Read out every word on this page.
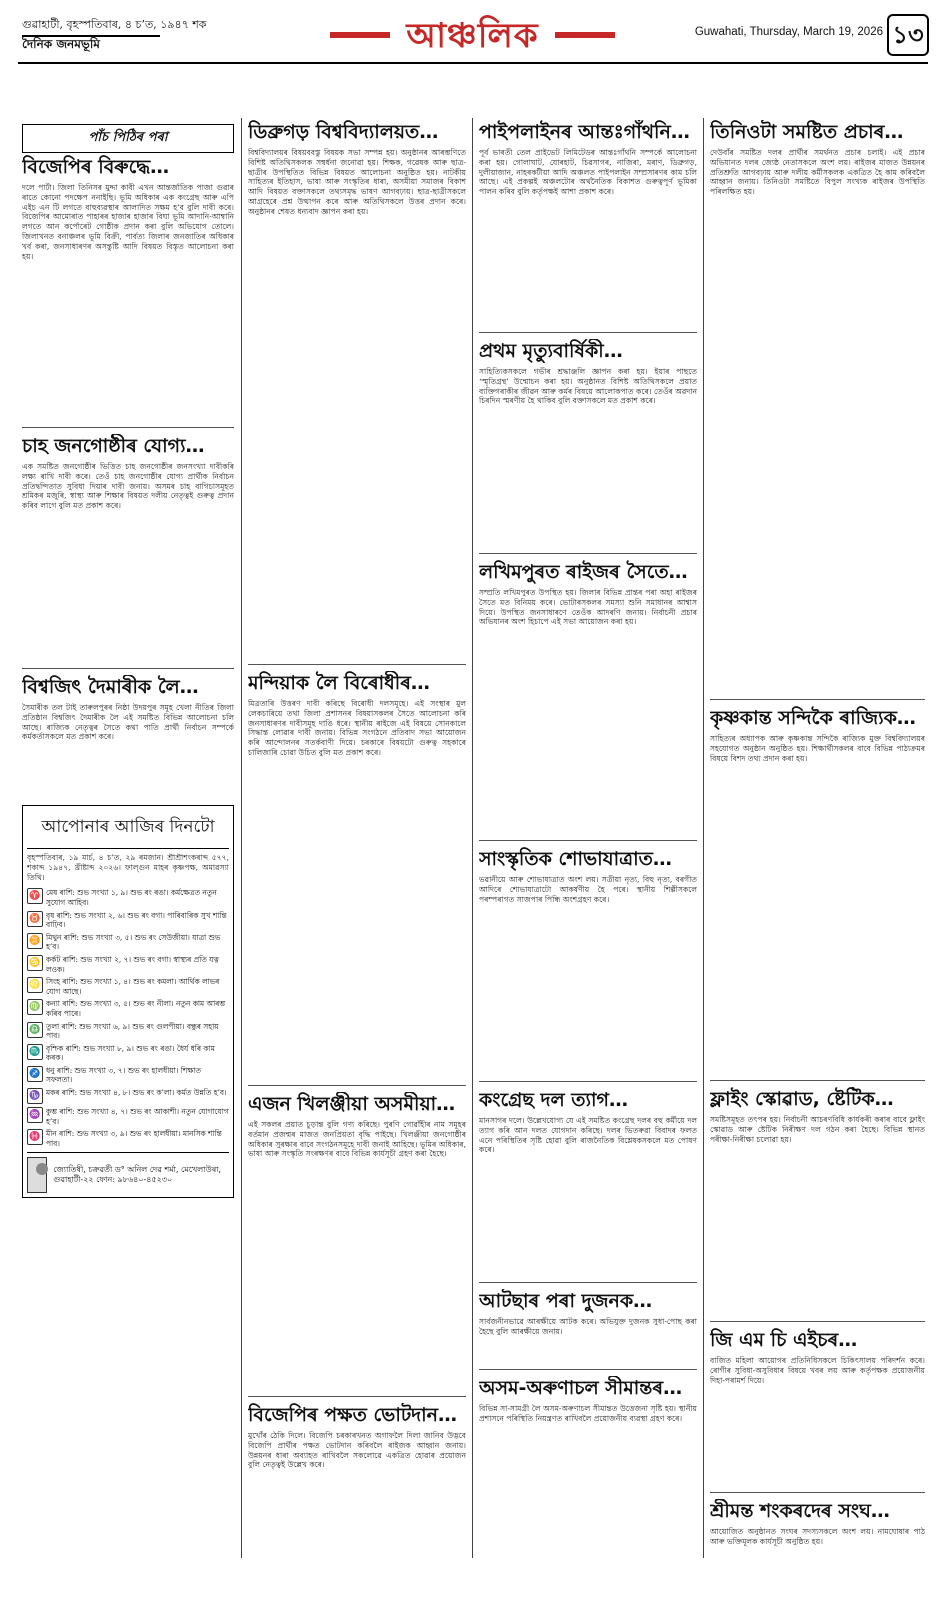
গুৱাহাটী, বৃহস্পতিবাৰ, ৪ চ’ত, ১৯৪৭ শক
দৈনিক জনমভূমি	আঞ্চলিক	Guwahati, Thursday, March 19, 2026 ১৩
পাঁচ পিঠিৰ পৰা
বিজেপিৰ বিৰুদ্ধে…
দলে পাৰ্টা। জিলা তিনিসৰ মুদ্দা কাবী এখন আন্তৰ্জাতিক পাজা গুৱাৰ ৰাতে কোনো পদক্ষেপ ননাইছি। ভূমি অধিকাৰ এক কংগ্ৰেছ আৰু এপি এইচ এন টি লগতে বাহুব্যৱস্থাৰ আলাদিত সক্ষম হ’ব বুলি দাবী কৰে। বিজেপিৰ আমোৰাত পাহাৰৰ হাজাৰ হাজাৰ বিঘা ভূমি আদানি-আম্বানি লগতে আন কৰ্পোৰেট গোষ্ঠীক প্ৰদান কৰা বুলি অভিযোগ তোলে। জিলাখনত বনাঞ্চলৰ ভূমি বিক্ৰী, পাৰ্বত্য জিলাৰ জনজাতিৰ অধিকাৰ খৰ্ব কৰা, জনসাধাৰণৰ অসন্তুষ্টি আদি বিষয়ত বিস্তৃত আলোচনা কৰা হয়।
চাহ জনগোষ্ঠীৰ যোগ্য…
এক সমষ্টিত জনগোষ্ঠীৰ ভিত্তিত চাহ জনগোষ্ঠীৰ জনসংখ্যা দাবীকৰি লক্ষ্য ৰাখি দাবী কৰে। তেওঁ চাহ জনগোষ্ঠীৰ যোগ্য প্ৰাৰ্থীক নিৰ্বাচন প্ৰতিদ্বন্দিতাত সুবিধা দিয়াৰ দাবী জনায়। অসমৰ চাহ বাগিচাসমূহত শ্ৰমিকৰ মজুৰি, স্বাস্থ্য আৰু শিক্ষাৰ বিষয়ত দলীয় নেতৃত্বই গুৰুত্ব প্ৰদান কৰিব লাগে বুলি মত প্ৰকাশ কৰে।
বিশ্বজিৎ দৈমাৰীক লৈ…
সৈমাৰীক তল টাই তাৰুলপুৰৰ নিষ্ঠা উদয়পুৰ সমূহ খেলা নীতিৰ জিলা প্ৰতিষ্ঠান বিশ্বজিৎ দৈমাৰীক লৈ এই সমষ্টিত বিভিন্ন আলোচনা চলি আছে। ৰাজ্যিক নেতৃত্বৰ সৈতে কথা পাতি প্ৰাৰ্থী নিৰ্বাচন সম্পৰ্কে কৰ্মকৰ্তাসকলে মত প্ৰকাশ কৰে।
আপোনাৰ আজিৰ দিনটো
বৃহস্পতিবাৰ, ১৯ মাৰ্চ, ৪ চ’ত, ২৯ ৰমজান। শ্ৰীশ্ৰীশংকৰাব্দ ৫৭৭, শকাব্দ ১৯৪৭, খ্ৰীষ্টাব্দ ২০২৬। ফাল্গুন মাহৰ কৃষ্ণপক্ষ, অমাৱস্যা তিথি।
♈ মেষ ৰাশি: শুভ সংখ্যা ১, ৯। শুভ ৰং ৰঙা। কৰ্মক্ষেত্ৰত নতুন সুযোগ আহিব।
♉ বৃষ ৰাশি: শুভ সংখ্যা ২, ৬। শুভ ৰং বগা। পাৰিবাৰিক সুখ শান্তি বাঢ়িব।
♊ মিথুন ৰাশি: শুভ সংখ্যা ৩, ৫। শুভ ৰং সেউজীয়া। যাত্ৰা শুভ হ’ব।
♋ কৰ্কট ৰাশি: শুভ সংখ্যা ২, ৭। শুভ ৰং বগা। স্বাস্থ্যৰ প্ৰতি যত্ন লওক।
♌ সিংহ ৰাশি: শুভ সংখ্যা ১, ৪। শুভ ৰং কমলা। আৰ্থিক লাভৰ যোগ আছে।
♍ কন্যা ৰাশি: শুভ সংখ্যা ৩, ৫। শুভ ৰং নীলা। নতুন কাম আৰম্ভ কৰিব পাৰে।
♎ তুলা ৰাশি: শুভ সংখ্যা ৬, ৯। শুভ ৰং গুলপীয়া। বন্ধুৰ সহায় পাব।
♏ বৃশ্চিক ৰাশি: শুভ সংখ্যা ৮, ৯। শুভ ৰং ৰঙা। ধৈৰ্য ধৰি কাম কৰক।
♐ ধনু ৰাশি: শুভ সংখ্যা ৩, ৭। শুভ ৰং হালধীয়া। শিক্ষাত সফলতা।
♑ মকৰ ৰাশি: শুভ সংখ্যা ৪, ৮। শুভ ৰং ক’লা। কৰ্মত উন্নতি হ’ব।
♒ কুম্ভ ৰাশি: শুভ সংখ্যা ৪, ৭। শুভ ৰং আকাশী। নতুন যোগাযোগ হ’ব।
♓ মীন ৰাশি: শুভ সংখ্যা ৩, ৯। শুভ ৰং হালধীয়া। মানসিক শান্তি পাব।
জ্যোতিষী, চক্ৰৱৰ্তী ড° অনিল দেৱ শৰ্মা, মেখেলাউৰা, গুৱাহাটী-২২ ফোন: ৯৮৬৪০-৪৫২৩০
ডিব্ৰুগড় বিশ্ববিদ্যালয়ত…
বিশ্ববিদ্যালয়ৰ বিষয়ববস্তু বিষয়ক সভা সম্পন্ন হয়। অনুষ্ঠানৰ আৰম্ভণিতে বিশিষ্ট অতিথিসকলক সম্বৰ্ধনা জনোৱা হয়। শিক্ষক, গৱেষক আৰু ছাত্ৰ-ছাত্ৰীৰ উপস্থিতিত বিভিন্ন বিষয়ত আলোচনা অনুষ্ঠিত হয়। নাটকীয় সাহিত্যৰ ইতিহাস, ভাষা আৰু সংস্কৃতিৰ ধাৰা, অসমীয়া সমাজৰ বিকাশ আদি বিষয়ত বক্তাসকলে তথ্যসমৃদ্ধ ভাষণ আগবঢ়ায়। ছাত্ৰ-ছাত্ৰীসকলে আগ্ৰহেৰে প্ৰশ্ন উত্থাপন কৰে আৰু অতিথিসকলে উত্তৰ প্ৰদান কৰে। অনুষ্ঠানৰ শেষত ধন্যবাদ জ্ঞাপন কৰা হয়।
মন্দিয়াক লৈ বিৰোধীৰ…
মিত্ৰতাৰি উত্তৰণ দাবী কৰিছে বিৰোধী দলসমূহে। এই সংস্থাৰ মুল লেকচাৰিয়ে তথা জিলা প্ৰশাসনৰ বিষয়াসকলৰ সৈতে আলোচনা কৰি জনসাধাৰণৰ দাবীসমূহ দাঙি ধৰে। স্থানীয় ৰাইজে এই বিষয়ে সোনকালে সিদ্ধান্ত লোৱাৰ দাবী জনায়। বিভিন্ন সংগঠনে প্ৰতিবাদ সভা আয়োজন কৰি আন্দোলনৰ সতৰ্কবাণী দিয়ে। চৰকাৰে বিষয়টো গুৰুত্ব সহকাৰে চালিজাৰি চোৱা উচিত বুলি মত প্ৰকাশ কৰে।
এজন খিলঞ্জীয়া অসমীয়া…
এই সকলৰ প্ৰয়াত চুড়ান্ত বুলি গণ্য কৰিছে। পুৰণি গোৱাঁহীৰ নাম সমূহৰ বৰ্তমান প্ৰজন্মৰ মাজত জনপ্ৰিয়তা বৃদ্ধি পাইছে। খিলঞ্জীয়া জনগোষ্ঠীৰ অধিকাৰ সুৰক্ষাৰ বাবে সংগঠনসমূহে দাবী জনাই আহিছে। ভূমিৰ অধিকাৰ, ভাষা আৰু সংস্কৃতি সংৰক্ষণৰ বাবে বিভিন্ন কাৰ্যসূচী গ্ৰহণ কৰা হৈছে।
বিজেপিৰ পক্ষত ভোটদান…
মুখোঁৰ ঠেকি দিলে। বিজেপি চৰকাৰখনত অগাফলৈ দিলা জানিব উদ্ভবে বিজেপি প্ৰাৰ্থীৰ পক্ষত ভোটদান কৰিবলৈ ৰাইজক আহ্বান জনায়। উন্নয়নৰ ধাৰা অব্যাহত ৰাখিবলৈ সকলোৱে একত্ৰিত হোৱাৰ প্ৰয়োজন বুলি নেতৃত্বই উল্লেখ কৰে।
পাইপলাইনৰ আন্তঃগাঁথনি…
পূৰ্ব ভাৰতী তেল প্ৰাইভেট লিমিটেডৰ আন্তঃগাঁথনি সম্পৰ্কে আলোচনা কৰা হয়। গোলাঘাট, যোৰহাট, চিৱসাগৰ, নাজিৰা, মৰাণ, ডিব্ৰুগড়, দুলীয়াজান, নাহৰকটীয়া আদি অঞ্চলত পাইপলাইন সম্প্ৰসাৰণৰ কাম চলি আছে। এই প্ৰকল্পই অঞ্চলটোৰ অৰ্থনৈতিক বিকাশত গুৰুত্বপূৰ্ণ ভূমিকা পালন কৰিব বুলি কৰ্তৃপক্ষই আশা প্ৰকাশ কৰে।
প্ৰথম মৃত্যুবাৰ্ষিকী…
সাহিত্যিকসকলে গভীৰ শ্ৰদ্ধাঞ্জলি জ্ঞাপন কৰা হয়। ইয়াৰ পাছতে ‘স্মৃতিগ্ৰন্থ’ উন্মোচন কৰা হয়। অনুষ্ঠানত বিশিষ্ট অতিথিসকলে প্ৰয়াত ব্যক্তিগৰাকীৰ জীৱন আৰু কৰ্মৰ বিষয়ে আলোকপাত কৰে। তেওঁৰ অৱদান চিৰদিন স্মৰণীয় হৈ থাকিব বুলি বক্তাসকলে মত প্ৰকাশ কৰে।
লখিমপুৰত ৰাইজৰ সৈতে…
সম্প্ৰতি লখিমপুৰত উপস্থিত হয়। জিলাৰ বিভিন্ন প্ৰান্তৰ পৰা অহা ৰাইজৰ সৈতে মত বিনিময় কৰে। ভোটাৰসকলৰ সমস্যা শুনি সমাধানৰ আশ্বাস দিয়ে। উপস্থিত জনসাধাৰণে তেওঁক আদৰণি জনায়। নিৰ্বাচনী প্ৰচাৰ অভিযানৰ অংশ হিচাপে এই সভা আয়োজন কৰা হয়।
সাংস্কৃতিক শোভাযাত্ৰাত…
ভৱানীয়ে আৰু শোভাযাত্ৰাত অংশ লয়। সত্ৰীয়া নৃত্য, বিহু নৃত্য, বৰগীত আদিৰে শোভাযাত্ৰাটো আকৰ্ষণীয় হৈ পৰে। স্থানীয় শিল্পীসকলে পৰম্পৰাগত সাজপাৰ পিন্ধি অংশগ্ৰহণ কৰে।
কংগ্ৰেছ দল ত্যাগ…
মানসাগৰ দলে। উল্লেখযোগ্য যে এই সমষ্টিত কংগ্ৰেছ দলৰ বহু কৰ্মীয়ে দল ত্যাগ কৰি আন দলত যোগদান কৰিছে। দলৰ ভিতৰুৱা বিবাদৰ ফলত এনে পৰিস্থিতিৰ সৃষ্টি হোৱা বুলি ৰাজনৈতিক বিশ্লেষকসকলে মত পোষণ কৰে।
আটছাৰ পৰা দুজনক…
সাৰ্বজনীনভাৱে আৰক্ষীয়ে আটক কৰে। অভিযুক্ত দুজনক সুধা-পোছ কৰা হৈছে বুলি আৰক্ষীয়ে জনায়।
অসম-অৰুণাচল সীমান্তৰ…
বিভিন্ন সা-সামগ্ৰী লৈ অসম-অৰুণাচল সীমান্তত উত্তেজনা সৃষ্টি হয়। স্থানীয় প্ৰশাসনে পৰিস্থিতি নিয়ন্ত্ৰণত ৰাখিবলৈ প্ৰয়োজনীয় ব্যৱস্থা গ্ৰহণ কৰে।
তিনিওটা সমষ্টিত প্ৰচাৰ…
দেউবাঁৰ সমষ্টিত দলৰ প্ৰাৰ্থীৰ সমৰ্থনত প্ৰচাৰ চলাই। এই প্ৰচাৰ অভিযানত দলৰ জ্যেষ্ঠ নেতাসকলে অংশ লয়। ৰাইজৰ মাজত উন্নয়নৰ প্ৰতিশ্ৰুতি আগবঢ়ায় আৰু দলীয় কৰ্মীসকলক একত্ৰিত হৈ কাম কৰিবলৈ আহ্বান জনায়। তিনিওটা সমষ্টিতে বিপুল সংখ্যক ৰাইজৰ উপস্থিতি পৰিলক্ষিত হয়।
কৃষ্ণকান্ত সন্দিকৈ ৰাজ্যিক…
সাহিত্যৰ অধ্যাপক আৰু কৃষ্ণকান্ত সন্দিকৈ ৰাজ্যিক মুক্ত বিশ্ববিদ্যালয়ৰ সহযোগত অনুষ্ঠান অনুষ্ঠিত হয়। শিক্ষাৰ্থীসকলৰ বাবে বিভিন্ন পাঠ্যক্ৰমৰ বিষয়ে বিশদ তথ্য প্ৰদান কৰা হয়।
ফ্লাইং স্কোৱাড, ষ্টেটিক…
সমষ্টিসমূহত তৎপৰ হয়। নিৰ্বাচনী আচৰণবিধি কাৰ্যকৰী কৰাৰ বাবে ফ্লাইং স্কোৱাড আৰু ষ্টেটিক নিৰীক্ষণ দল গঠন কৰা হৈছে। বিভিন্ন স্থানত পৰীক্ষা-নিৰীক্ষা চলোৱা হয়।
জি এম চি এইচৰ…
বাজিত মহিলা আয়োগৰ প্ৰতিনিধিসকলে চিকিৎসালয় পৰিদৰ্শন কৰে। ৰোগীৰ সুবিধা-অসুবিধাৰ বিষয়ে খবৰ লয় আৰু কৰ্তৃপক্ষক প্ৰয়োজনীয় দিহা-পৰামৰ্শ দিয়ে।
শ্ৰীমন্ত শংকৰদেৰ সংঘ…
আয়োজিত অনুষ্ঠানত সংঘৰ সদস্যসকলে অংশ লয়। নামঘোষাৰ পাঠ আৰু ভক্তিমূলক কাৰ্যসূচী অনুষ্ঠিত হয়।
